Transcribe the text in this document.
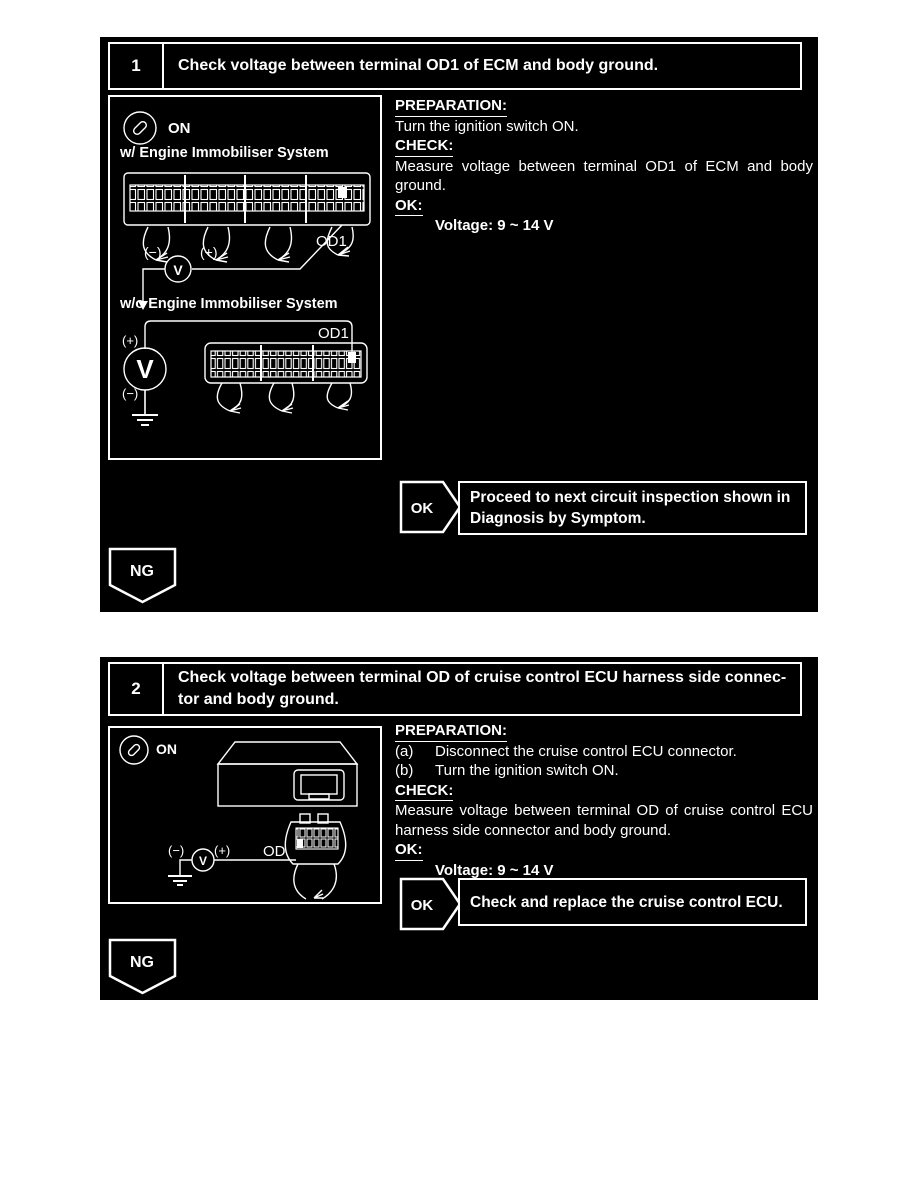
1	Check voltage between terminal OD1 of ECM and body ground.
V
V
ON
w/ Engine Immobiliser System
OD1
(−)	(+)
w/o Engine Immobiliser System
OD1
(+)
(−)
PREPARATION:
Turn the ignition switch ON.
CHECK:
Measure voltage between terminal OD1 of ECM and body ground.
OK:
Voltage: 9 ~ 14 V
OK
Proceed to next circuit inspection shown in Diagnosis by Symptom.
NG
2
Check voltage between terminal OD of cruise control ECU harness side connec-
tor and body ground.
V
ON
(−) (+) OD
PREPARATION:
(a)	Disconnect the cruise control ECU connector.
(b)	Turn the ignition switch ON.
CHECK:
Measure voltage between terminal OD of cruise control ECU harness side connector and body ground.
OK:
Voltage: 9 ~ 14 V
OK Check and replace the cruise control ECU.
NG
